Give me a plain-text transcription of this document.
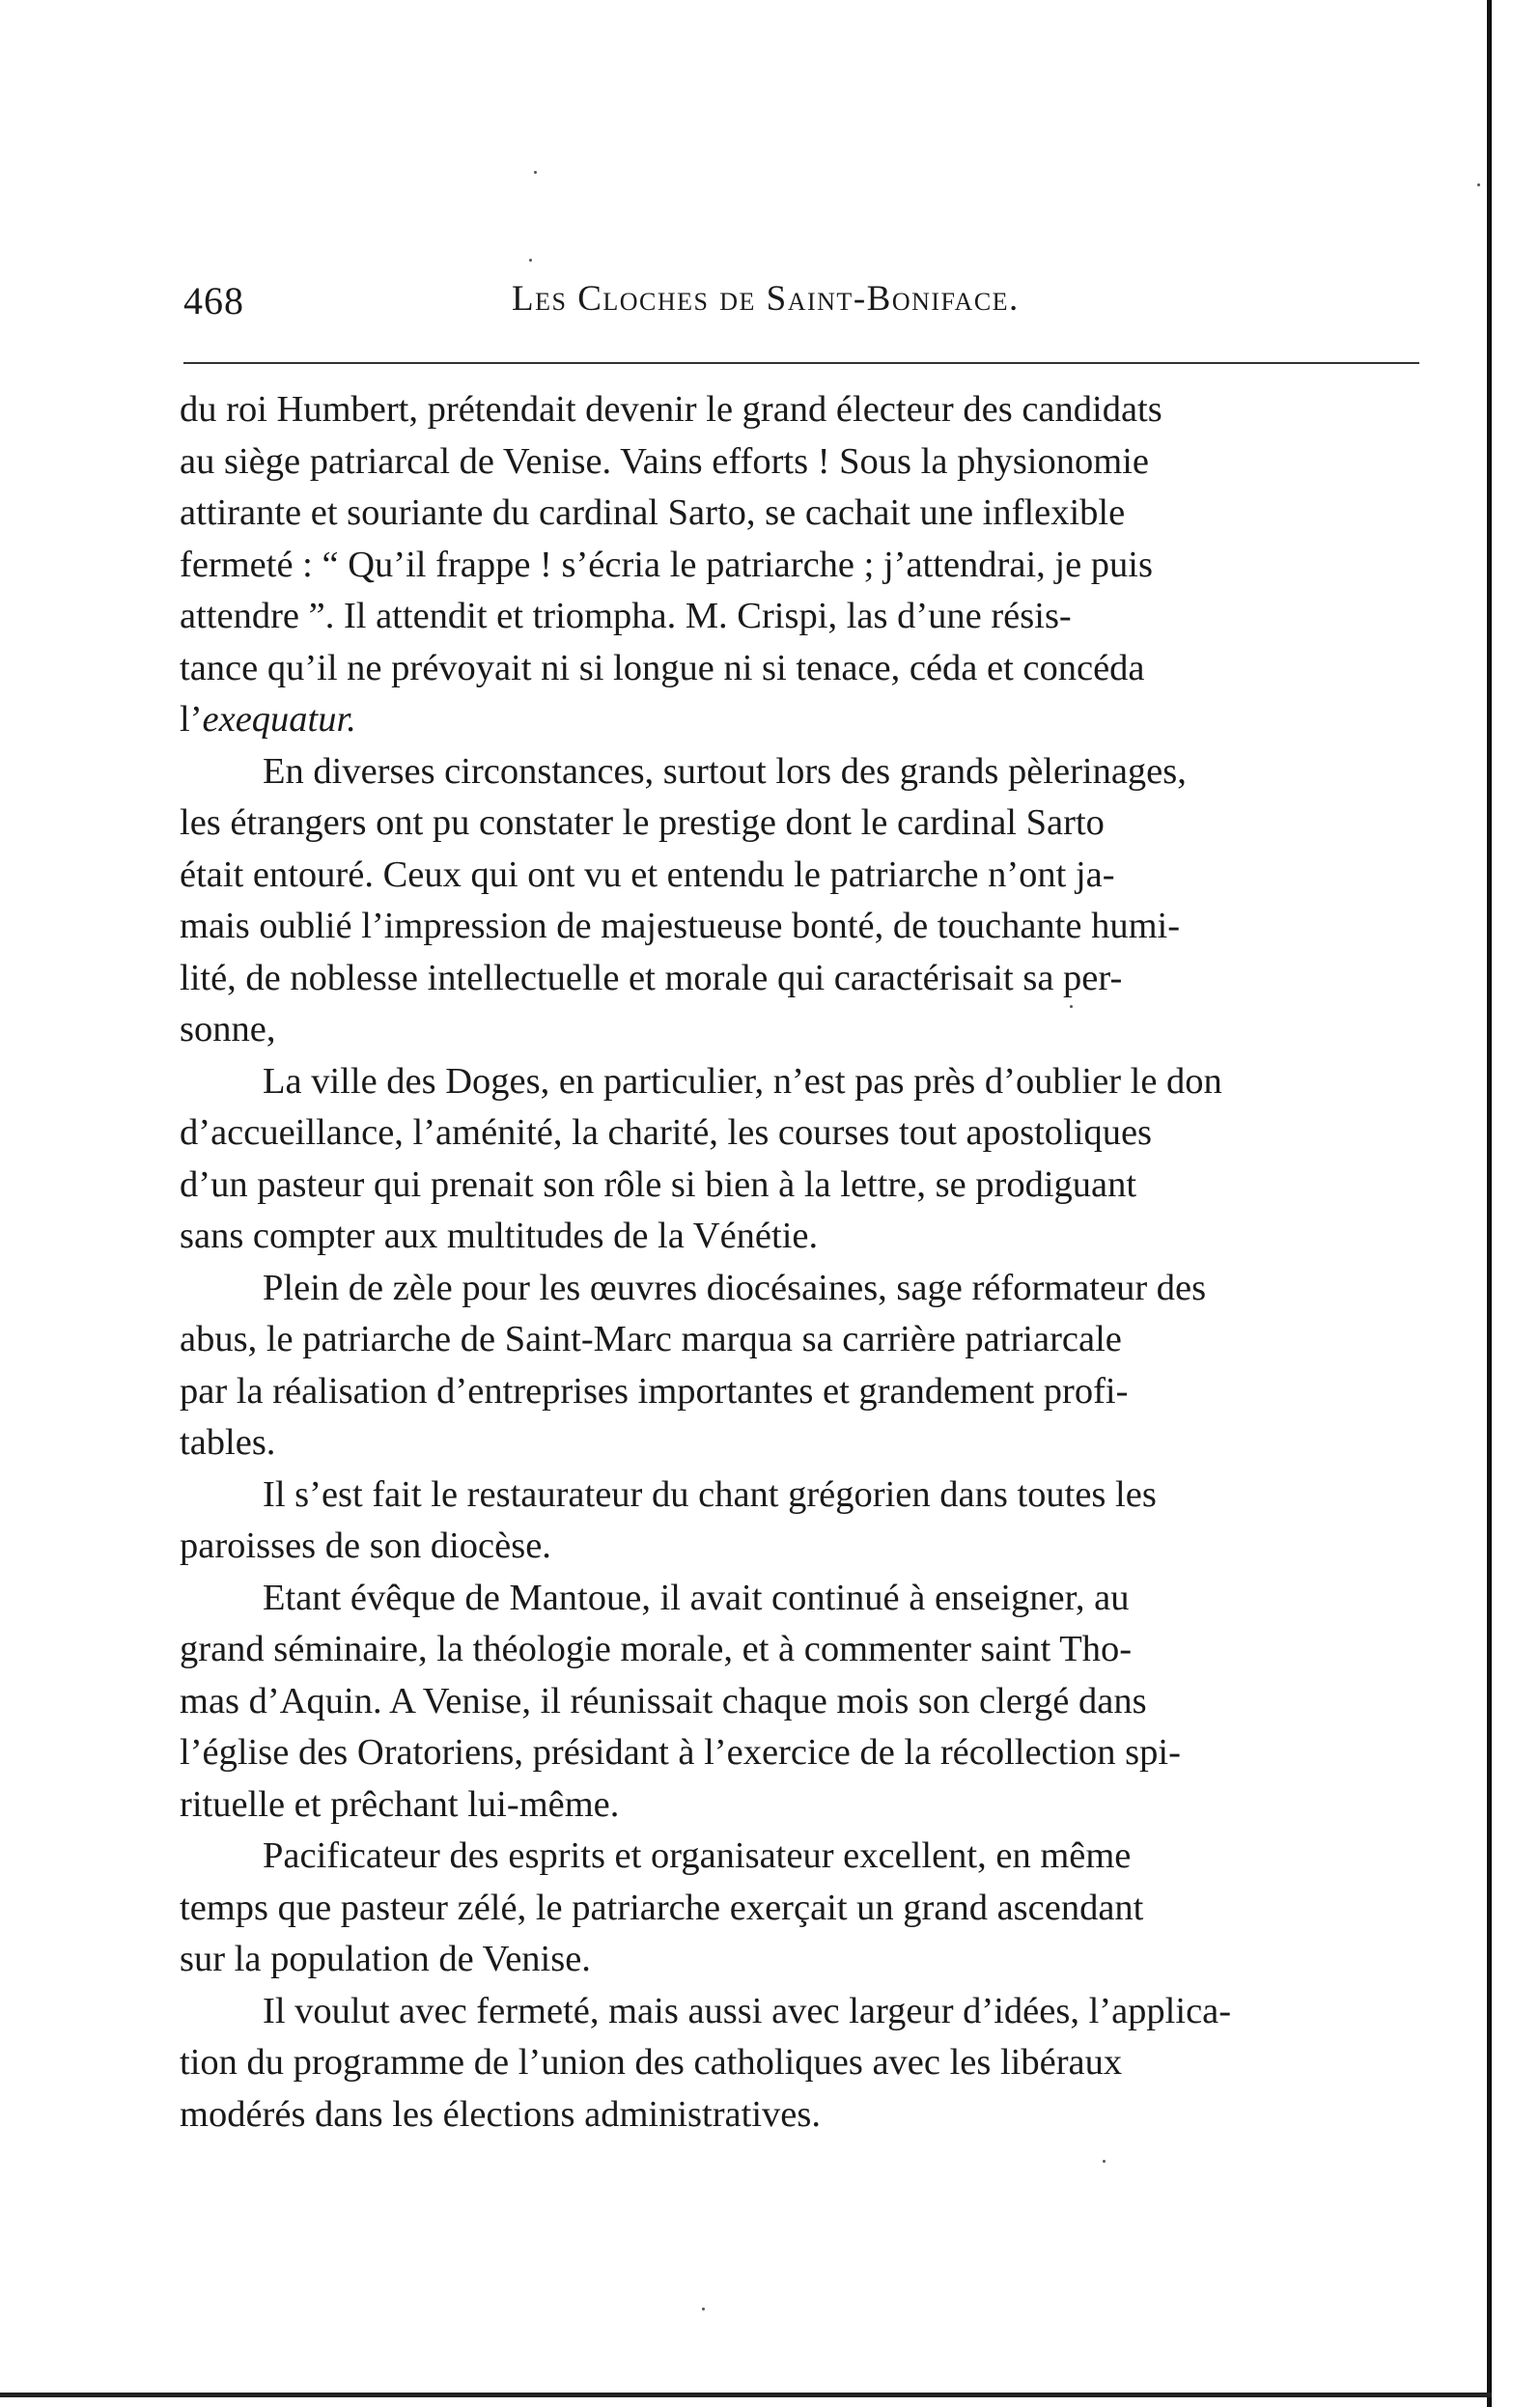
468	Les Cloches de Saint-Boniface.
du roi Humbert, prétendait devenir le grand électeur des candidats
au siège patriarcal de Venise. Vains efforts ! Sous la physionomie
attirante et souriante du cardinal Sarto, se cachait une inflexible
fermeté : “ Qu’il frappe ! s’écria le patriarche ; j’attendrai, je puis
attendre ”. Il attendit et triompha. M. Crispi, las d’une résis-
tance qu’il ne prévoyait ni si longue ni si tenace, céda et concéda
l’exequatur.
En diverses circonstances, surtout lors des grands pèlerinages,
les étrangers ont pu constater le prestige dont le cardinal Sarto
était entouré. Ceux qui ont vu et entendu le patriarche n’ont ja-
mais oublié l’impression de majestueuse bonté, de touchante humi-
lité, de noblesse intellectuelle et morale qui caractérisait sa per-
sonne,
La ville des Doges, en particulier, n’est pas près d’oublier le don
d’accueillance, l’aménité, la charité, les courses tout apostoliques
d’un pasteur qui prenait son rôle si bien à la lettre, se prodiguant
sans compter aux multitudes de la Vénétie.
Plein de zèle pour les œuvres diocésaines, sage réformateur des
abus, le patriarche de Saint-Marc marqua sa carrière patriarcale
par la réalisation d’entreprises importantes et grandement profi-
tables.
Il s’est fait le restaurateur du chant grégorien dans toutes les
paroisses de son diocèse.
Etant évêque de Mantoue, il avait continué à enseigner, au
grand séminaire, la théologie morale, et à commenter saint Tho-
mas d’Aquin. A Venise, il réunissait chaque mois son clergé dans
l’église des Oratoriens, présidant à l’exercice de la récollection spi-
rituelle et prêchant lui-même.
Pacificateur des esprits et organisateur excellent, en même
temps que pasteur zélé, le patriarche exerçait un grand ascendant
sur la population de Venise.
Il voulut avec fermeté, mais aussi avec largeur d’idées, l’applica-
tion du programme de l’union des catholiques avec les libéraux
modérés dans les élections administratives.
